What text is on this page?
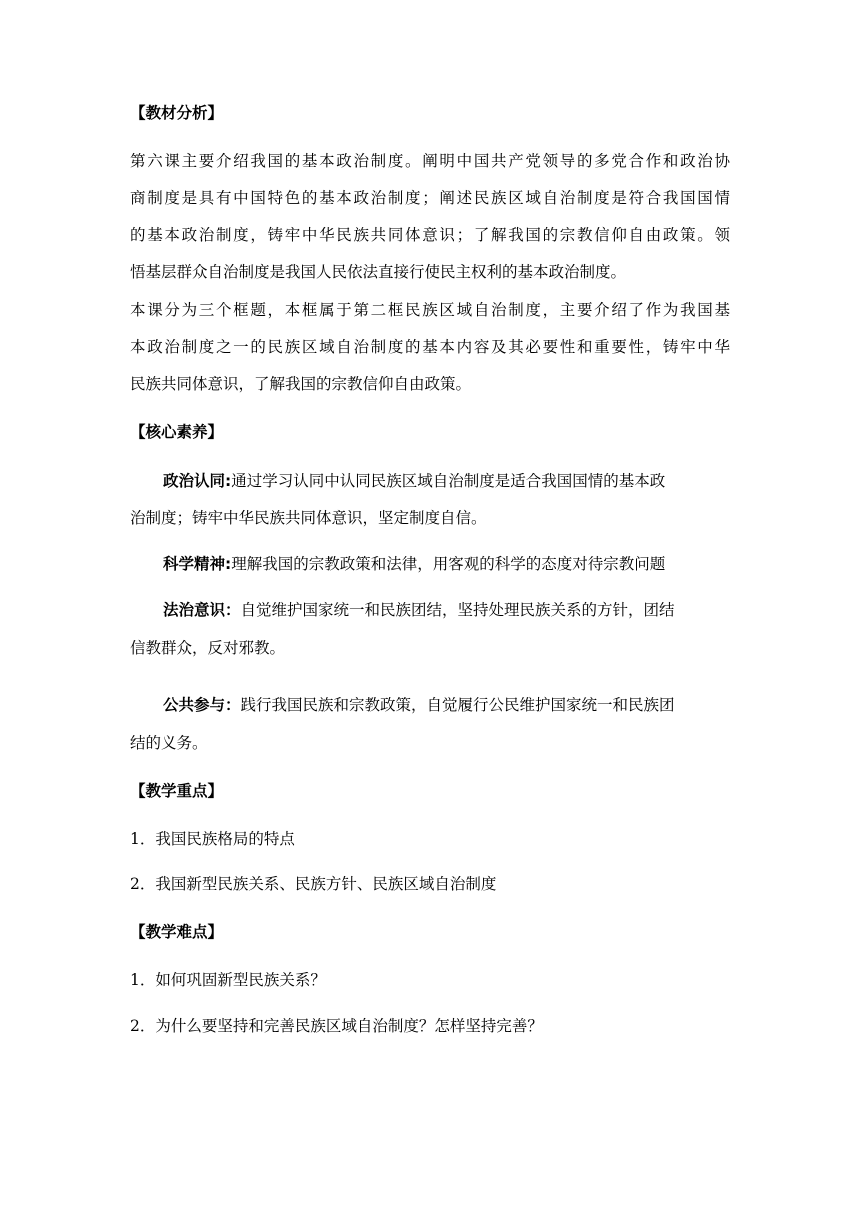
【教材分析】
第六课主要介绍我国的基本政治制度。阐明中国共产党领导的多党合作和政治协
商制度是具有中国特色的基本政治制度；阐述民族区域自治制度是符合我国国情
的基本政治制度，铸牢中华民族共同体意识；了解我国的宗教信仰自由政策。领
悟基层群众自治制度是我国人民依法直接行使民主权利的基本政治制度。
本课分为三个框题，本框属于第二框民族区域自治制度，主要介绍了作为我国基
本政治制度之一的民族区域自治制度的基本内容及其必要性和重要性，铸牢中华
民族共同体意识，了解我国的宗教信仰自由政策。
【核心素养】
政治认同:通过学习认同中认同民族区域自治制度是适合我国国情的基本政
治制度；铸牢中华民族共同体意识，坚定制度自信。
科学精神:理解我国的宗教政策和法律，用客观的科学的态度对待宗教问题
法治意识：自觉维护国家统一和民族团结，坚持处理民族关系的方针，团结
信教群众，反对邪教。
公共参与：践行我国民族和宗教政策，自觉履行公民维护国家统一和民族团
结的义务。
【教学重点】
1．我国民族格局的特点
2．我国新型民族关系、民族方针、民族区域自治制度
【教学难点】
1．如何巩固新型民族关系？
2．为什么要坚持和完善民族区域自治制度？怎样坚持完善？
